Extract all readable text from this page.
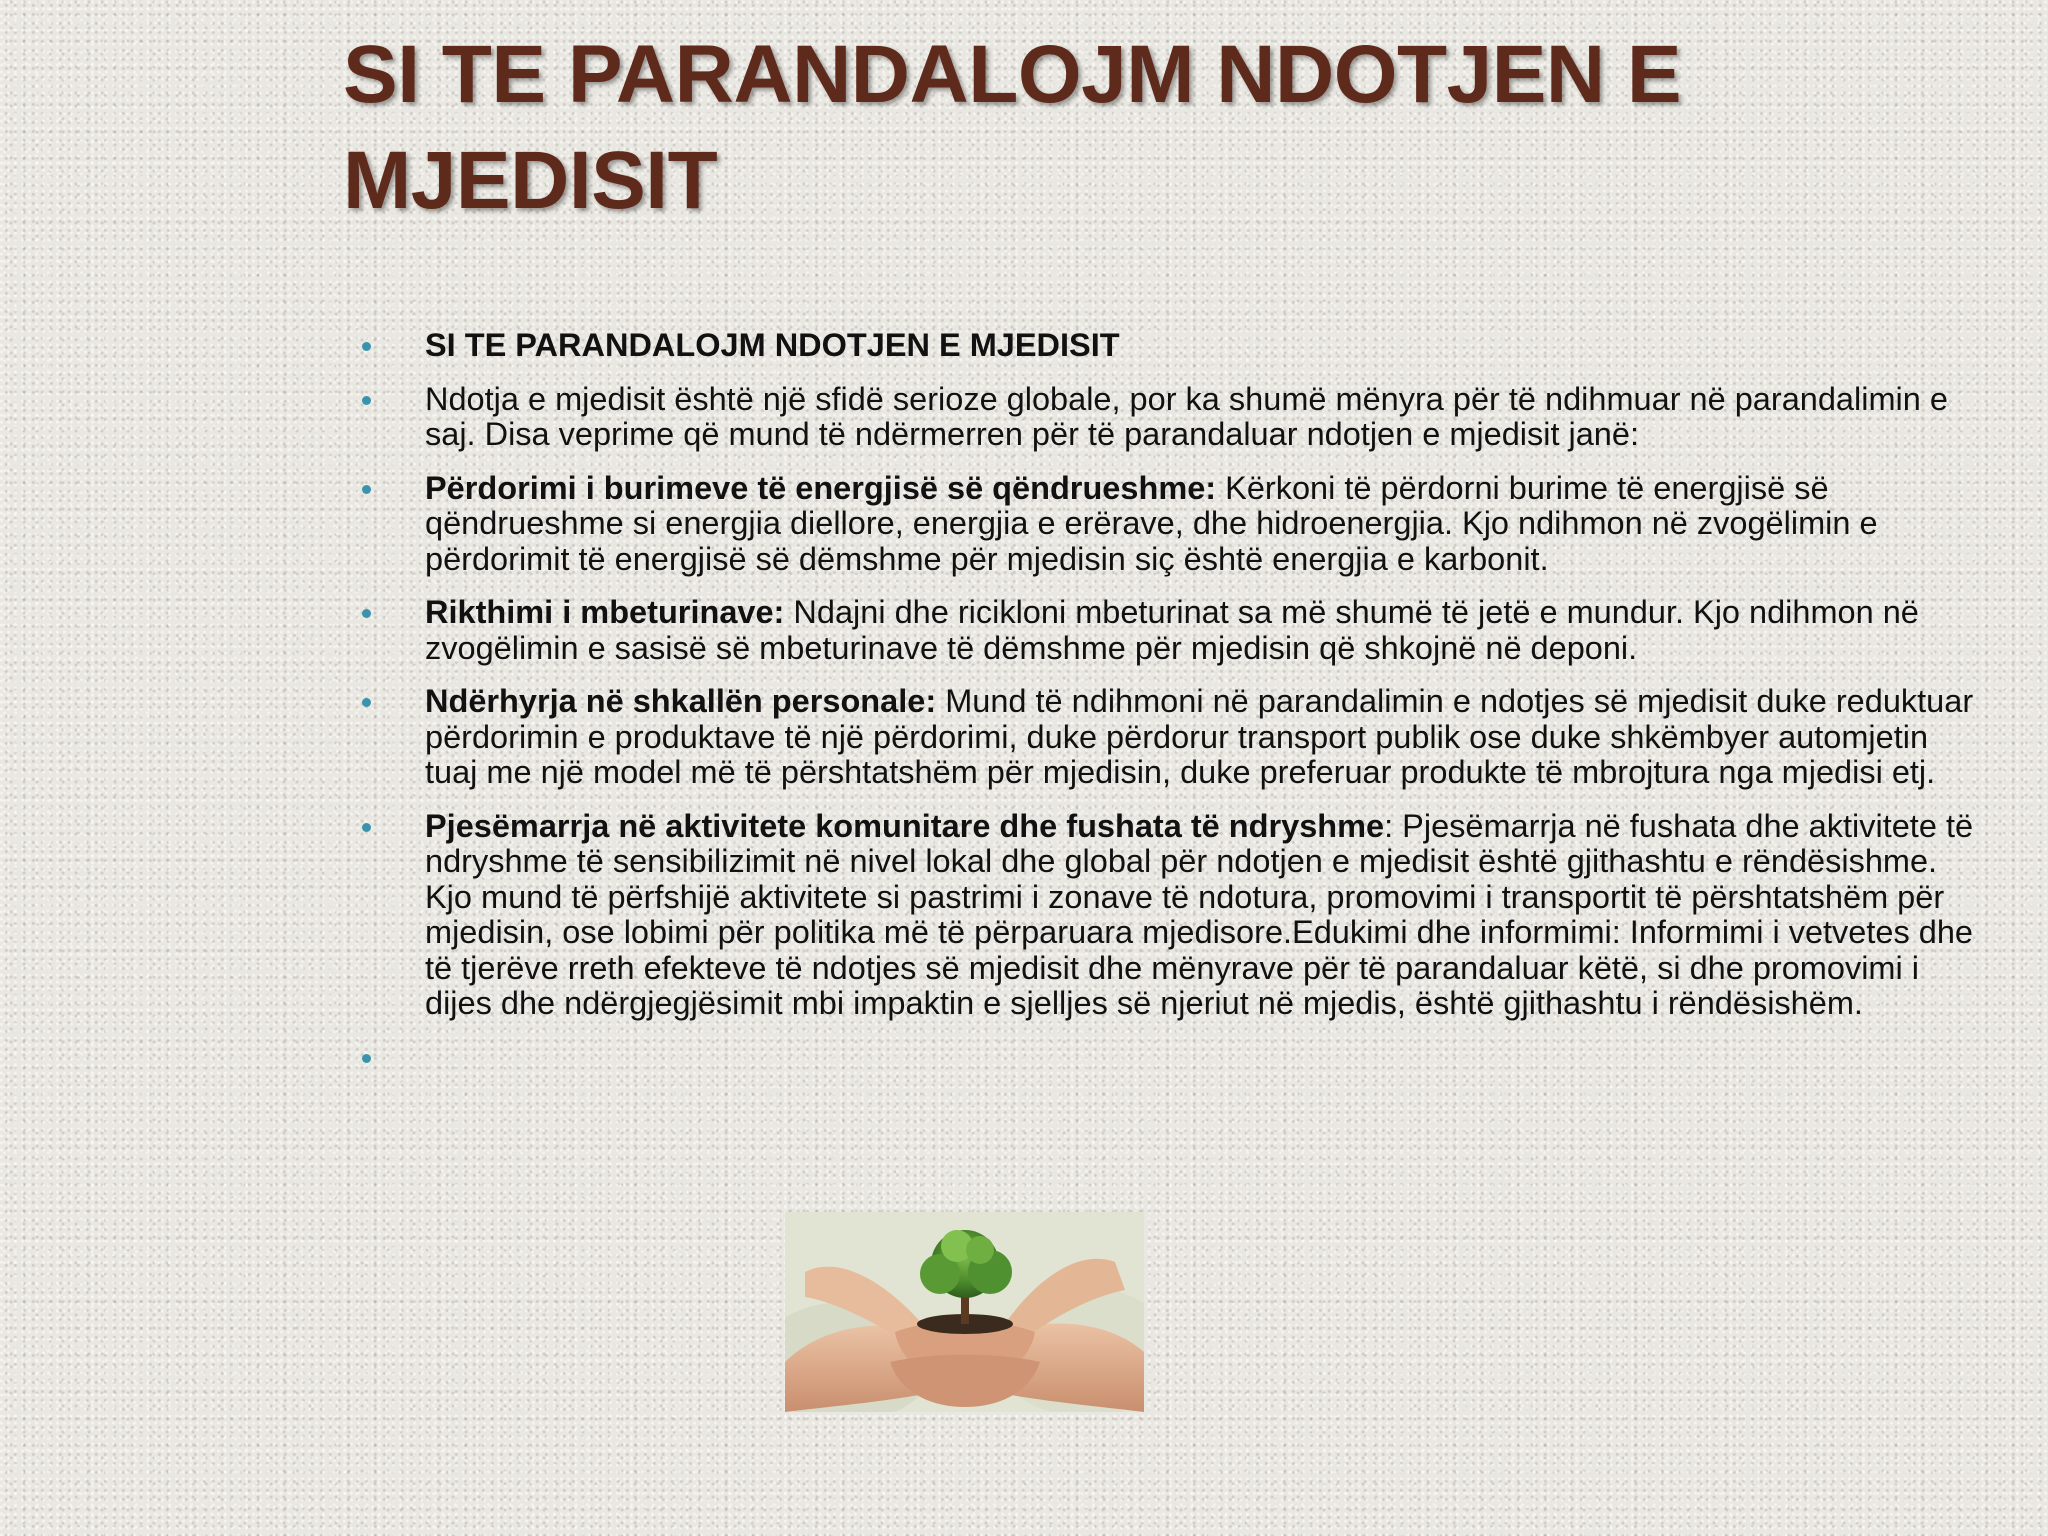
SI TE PARANDALOJM NDOTJEN E MJEDISIT
SI TE PARANDALOJM NDOTJEN E MJEDISIT
Ndotja e mjedisit është një sfidë serioze globale, por ka shumë mënyra për të ndihmuar në parandalimin e saj. Disa veprime që mund të ndërmerren për të parandaluar ndotjen e mjedisit janë:
Përdorimi i burimeve të energjisë së qëndrueshme: Kërkoni të përdorni burime të energjisë së qëndrueshme si energjia diellore, energjia e erërave, dhe hidroenergjia. Kjo ndihmon në zvogëlimin e përdorimit të energjisë së dëmshme për mjedisin siç është energjia e karbonit.
Rikthimi i mbeturinave: Ndajni dhe ricikloni mbeturinat sa më shumë të jetë e mundur. Kjo ndihmon në zvogëlimin e sasisë së mbeturinave të dëmshme për mjedisin që shkojnë në deponi.
Ndërhyrja në shkallën personale: Mund të ndihmoni në parandalimin e ndotjes së mjedisit duke reduktuar përdorimin e produktave të një përdorimi, duke përdorur transport publik ose duke shkëmbyer automjetin tuaj me një model më të përshtatshëm për mjedisin, duke preferuar produkte të mbrojtura nga mjedisi etj.
Pjesëmarrja në aktivitete komunitare dhe fushata të ndryshme: Pjesëmarrja në fushata dhe aktivitete të ndryshme të sensibilizimit në nivel lokal dhe global për ndotjen e mjedisit është gjithashtu e rëndësishme. Kjo mund të përfshijë aktivitete si pastrimi i zonave të ndotura, promovimi i transportit të përshtatshëm për mjedisin, ose lobimi për politika më të përparuara mjedisore.Edukimi dhe informimi: Informimi i vetvetes dhe të tjerëve rreth efekteve të ndotjes së mjedisit dhe mënyrave për të parandaluar këtë, si dhe promovimi i dijes dhe ndërgjegjësimit mbi impaktin e sjelljes së njeriut në mjedis, është gjithashtu i rëndësishëm.
